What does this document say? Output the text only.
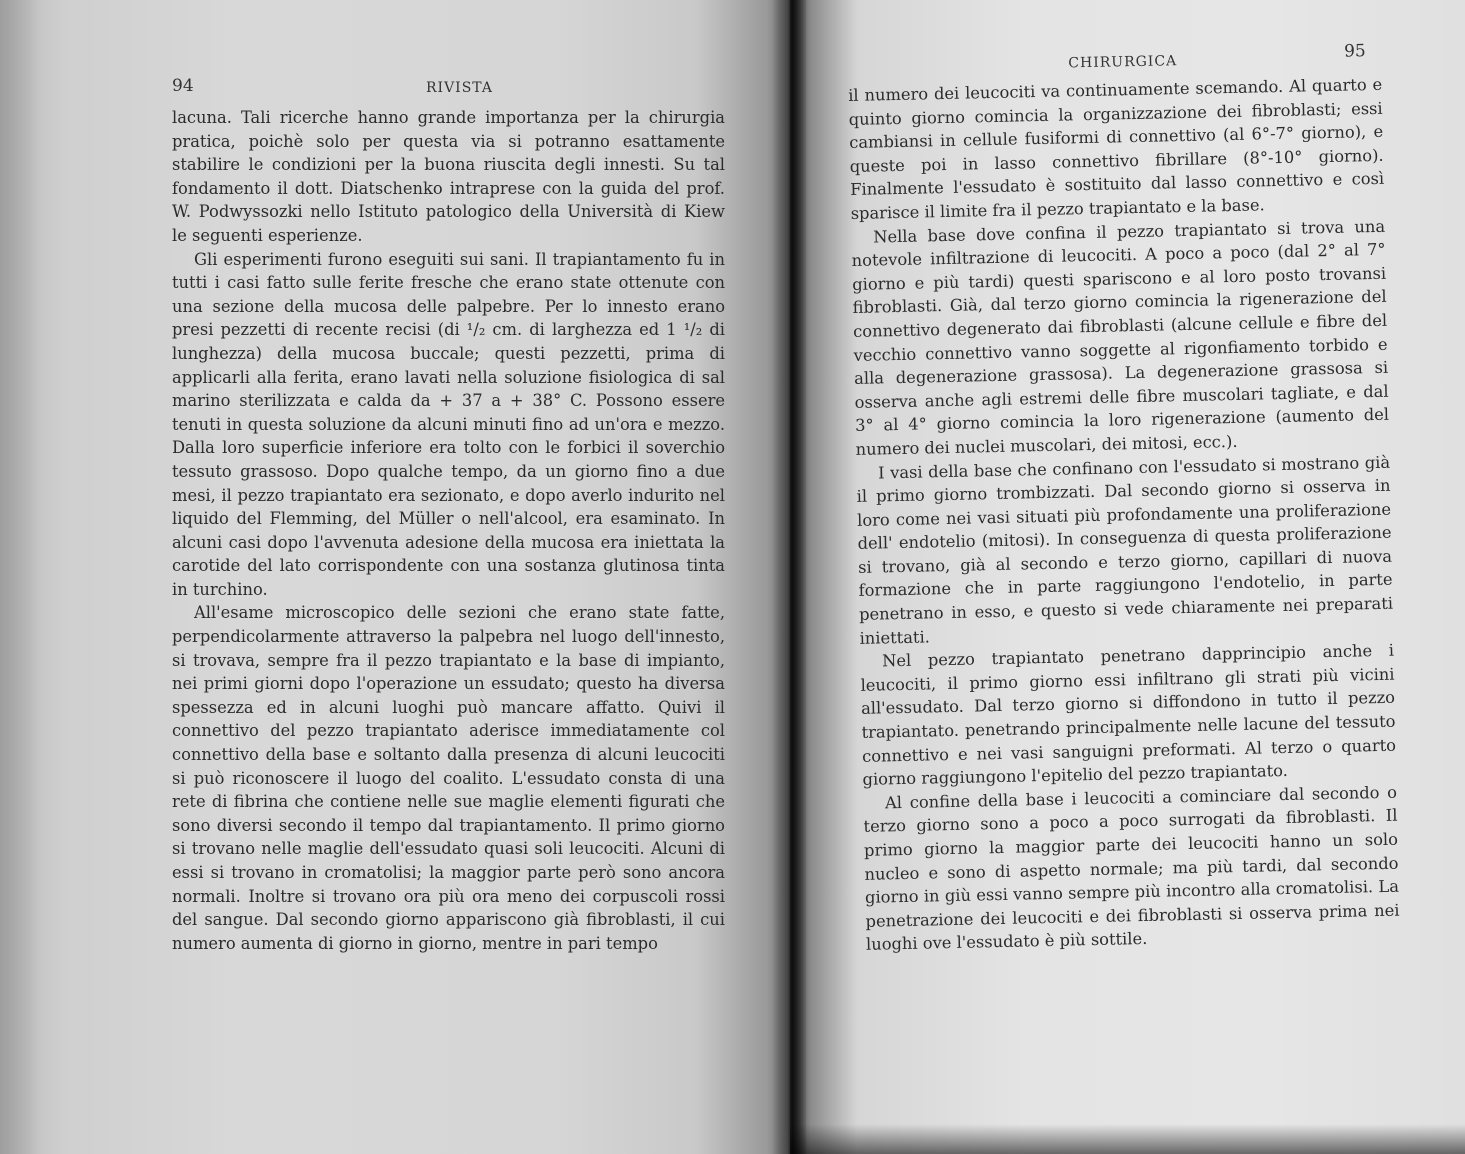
94	RIVISTA

lacuna. Tali ricerche hanno grande importanza per la chirurgia pratica, poichè solo per questa via si potranno esattamente stabilire le condizioni per la buona riuscita degli innesti. Su tal fondamento il dott. Diatschenko intraprese con la guida del prof. W. Podwyssozki nello Istituto patologico della Università di Kiew le seguenti esperienze.

Gli esperimenti furono eseguiti sui sani. Il trapiantamento fu in tutti i casi fatto sulle ferite fresche che erano state ottenute con una sezione della mucosa delle palpebre. Per lo innesto erano presi pezzetti di recente recisi (di ¹/₂ cm. di larghezza ed 1 ¹/₂ di lunghezza) della mucosa buccale; questi pezzetti, prima di applicarli alla ferita, erano lavati nella soluzione fisiologica di sal marino sterilizzata e calda da + 37 a + 38° C. Possono essere tenuti in questa soluzione da alcuni minuti fino ad un'ora e mezzo. Dalla loro superficie inferiore era tolto con le forbici il soverchio tessuto grassoso. Dopo qualche tempo, da un giorno fino a due mesi, il pezzo trapiantato era sezionato, e dopo averlo indurito nel liquido del Flemming, del Müller o nell'alcool, era esaminato. In alcuni casi dopo l'avvenuta adesione della mucosa era iniettata la carotide del lato corrispondente con una sostanza glutinosa tinta in turchino.

All'esame microscopico delle sezioni che erano state fatte, perpendicolarmente attraverso la palpebra nel luogo dell'innesto, si trovava, sempre fra il pezzo trapiantato e la base di impianto, nei primi giorni dopo l'operazione un essudato; questo ha diversa spessezza ed in alcuni luoghi può mancare affatto. Quivi il connettivo del pezzo trapiantato aderisce immediatamente col connettivo della base e soltanto dalla presenza di alcuni leucociti si può riconoscere il luogo del coalito. L'essudato consta di una rete di fibrina che contiene nelle sue maglie elementi figurati che sono diversi secondo il tempo dal trapiantamento. Il primo giorno si trovano nelle maglie dell'essudato quasi soli leucociti. Alcuni di essi si trovano in cromatolisi; la maggior parte però sono ancora normali. Inoltre si trovano ora più ora meno dei corpuscoli rossi del sangue. Dal secondo giorno appariscono già fibroblasti, il cui numero aumenta di giorno in giorno, mentre in pari tempo

CHIRURGICA
95

il numero dei leucociti va continuamente scemando. Al quarto e quinto giorno comincia la organizzazione dei fibroblasti; essi cambiansi in cellule fusiformi di connettivo (al 6°-7° giorno), e queste poi in lasso connettivo fibrillare (8°-10° giorno). Finalmente l'essudato è sostituito dal lasso connettivo e così sparisce il limite fra il pezzo trapiantato e la base.

Nella base dove confina il pezzo trapiantato si trova una notevole infiltrazione di leucociti. A poco a poco (dal 2° al 7° giorno e più tardi) questi spariscono e al loro posto trovansi fibroblasti. Già, dal terzo giorno comincia la rigenerazione del connettivo degenerato dai fibroblasti (alcune cellule e fibre del vecchio connettivo vanno soggette al rigonfiamento torbido e alla degenerazione grassosa). La degenerazione grassosa si osserva anche agli estremi delle fibre muscolari tagliate, e dal 3° al 4° giorno comincia la loro rigenerazione (aumento del numero dei nuclei muscolari, dei mitosi, ecc.).

I vasi della base che confinano con l'essudato si mostrano già il primo giorno trombizzati. Dal secondo giorno si osserva in loro come nei vasi situati più profondamente una proliferazione dell' endotelio (mitosi). In conseguenza di questa proliferazione si trovano, già al secondo e terzo giorno, capillari di nuova formazione che in parte raggiungono l'endotelio, in parte penetrano in esso, e questo si vede chiaramente nei preparati iniettati.

Nel pezzo trapiantato penetrano dapprincipio anche i leucociti, il primo giorno essi infiltrano gli strati più vicini all'essudato. Dal terzo giorno si diffondono in tutto il pezzo trapiantato. penetrando principalmente nelle lacune del tessuto connettivo e nei vasi sanguigni preformati. Al terzo o quarto giorno raggiungono l'epitelio del pezzo trapiantato.

Al confine della base i leucociti a cominciare dal secondo o terzo giorno sono a poco a poco surrogati da fibroblasti. Il primo giorno la maggior parte dei leucociti hanno un solo nucleo e sono di aspetto normale; ma più tardi, dal secondo giorno in giù essi vanno sempre più incontro alla cromatolisi. La penetrazione dei leucociti e dei fibroblasti si osserva prima nei luoghi ove l'essudato è più sottile.
